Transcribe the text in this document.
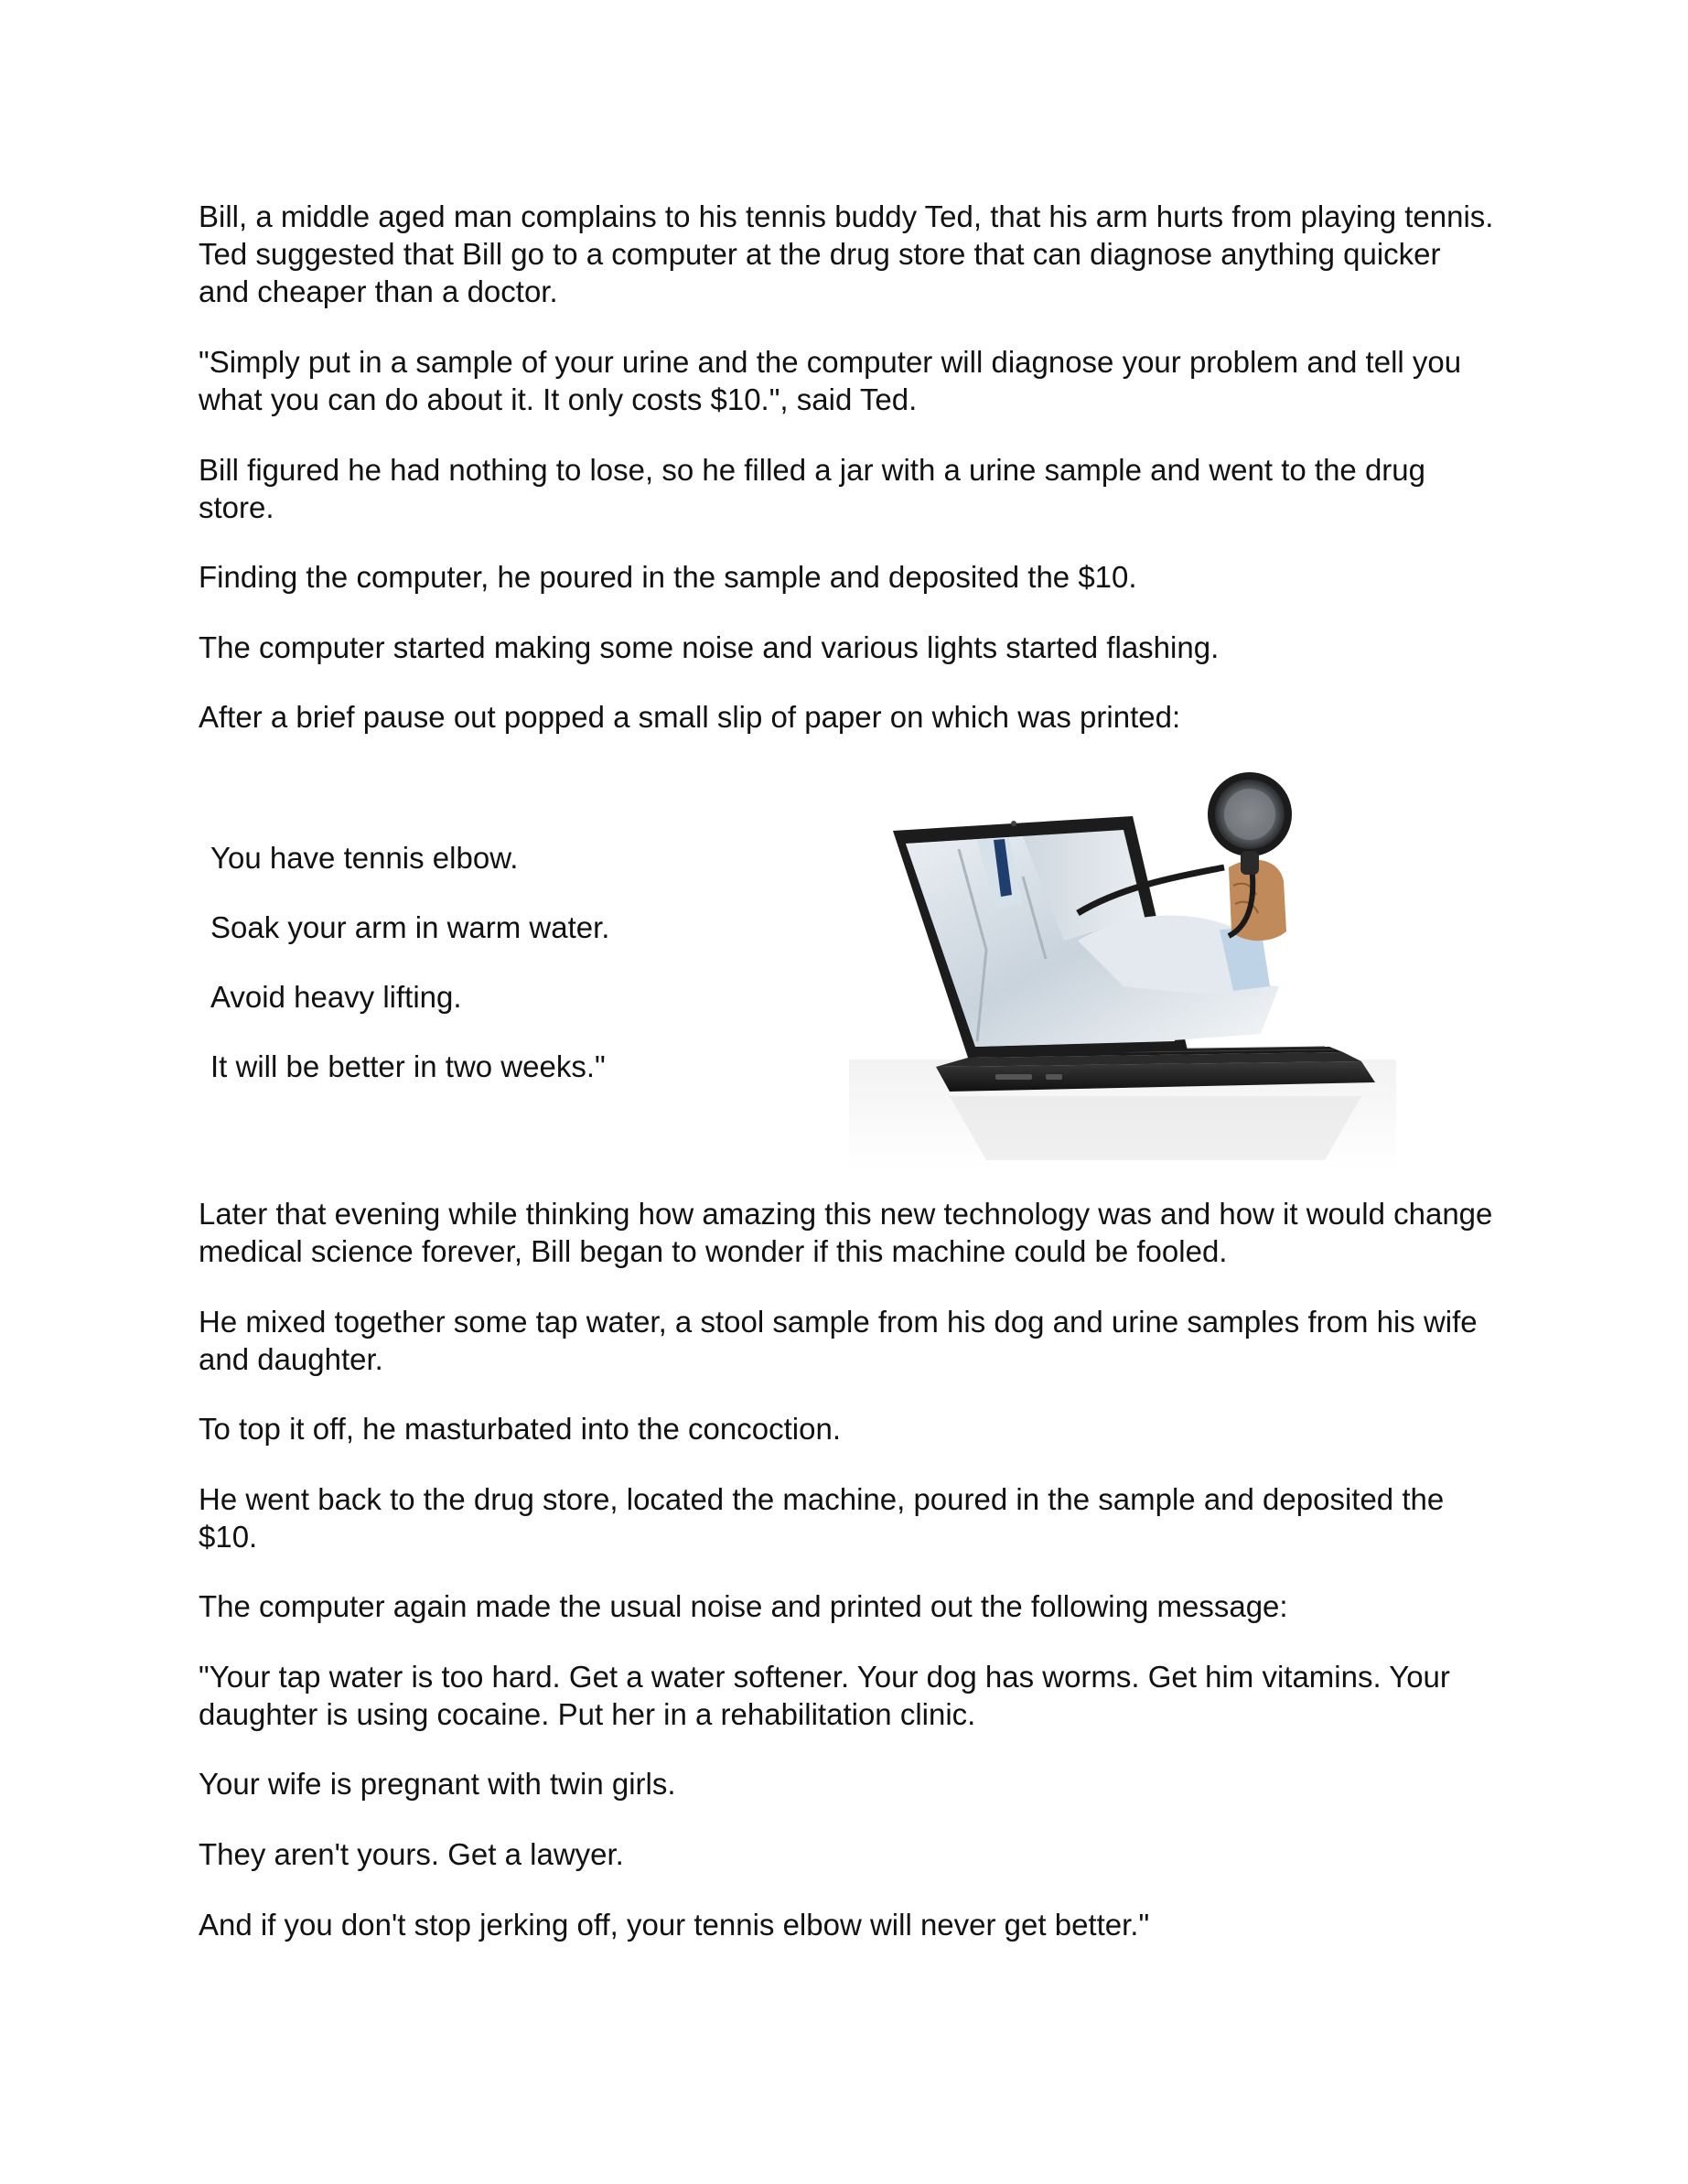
Bill, a middle aged man complains to his tennis buddy Ted, that his arm hurts from playing tennis. Ted suggested that Bill go to a computer at the drug store that can diagnose anything quicker and cheaper than a doctor.

"Simply put in a sample of your urine and the computer will diagnose your problem and tell you what you can do about it. It only costs $10.", said Ted.

Bill figured he had nothing to lose, so he filled a jar with a urine sample and went to the drug store.

Finding the computer, he poured in the sample and deposited the $10.

The computer started making some noise and various lights started flashing.

After a brief pause out popped a small slip of paper on which was printed:

You have tennis elbow.

Soak your arm in warm water.

Avoid heavy lifting.

It will be better in two weeks."

Later that evening while thinking how amazing this new technology was and how it would change medical science forever, Bill began to wonder if this machine could be fooled.

He mixed together some tap water, a stool sample from his dog and urine samples from his wife and daughter.

To top it off, he masturbated into the concoction.

He went back to the drug store, located the machine, poured in the sample and deposited the $10.

The computer again made the usual noise and printed out the following message:

"Your tap water is too hard. Get a water softener. Your dog has worms. Get him vitamins. Your daughter is using cocaine. Put her in a rehabilitation clinic.

Your wife is pregnant with twin girls.

They aren't yours. Get a lawyer.

And if you don't stop jerking off, your tennis elbow will never get better."
